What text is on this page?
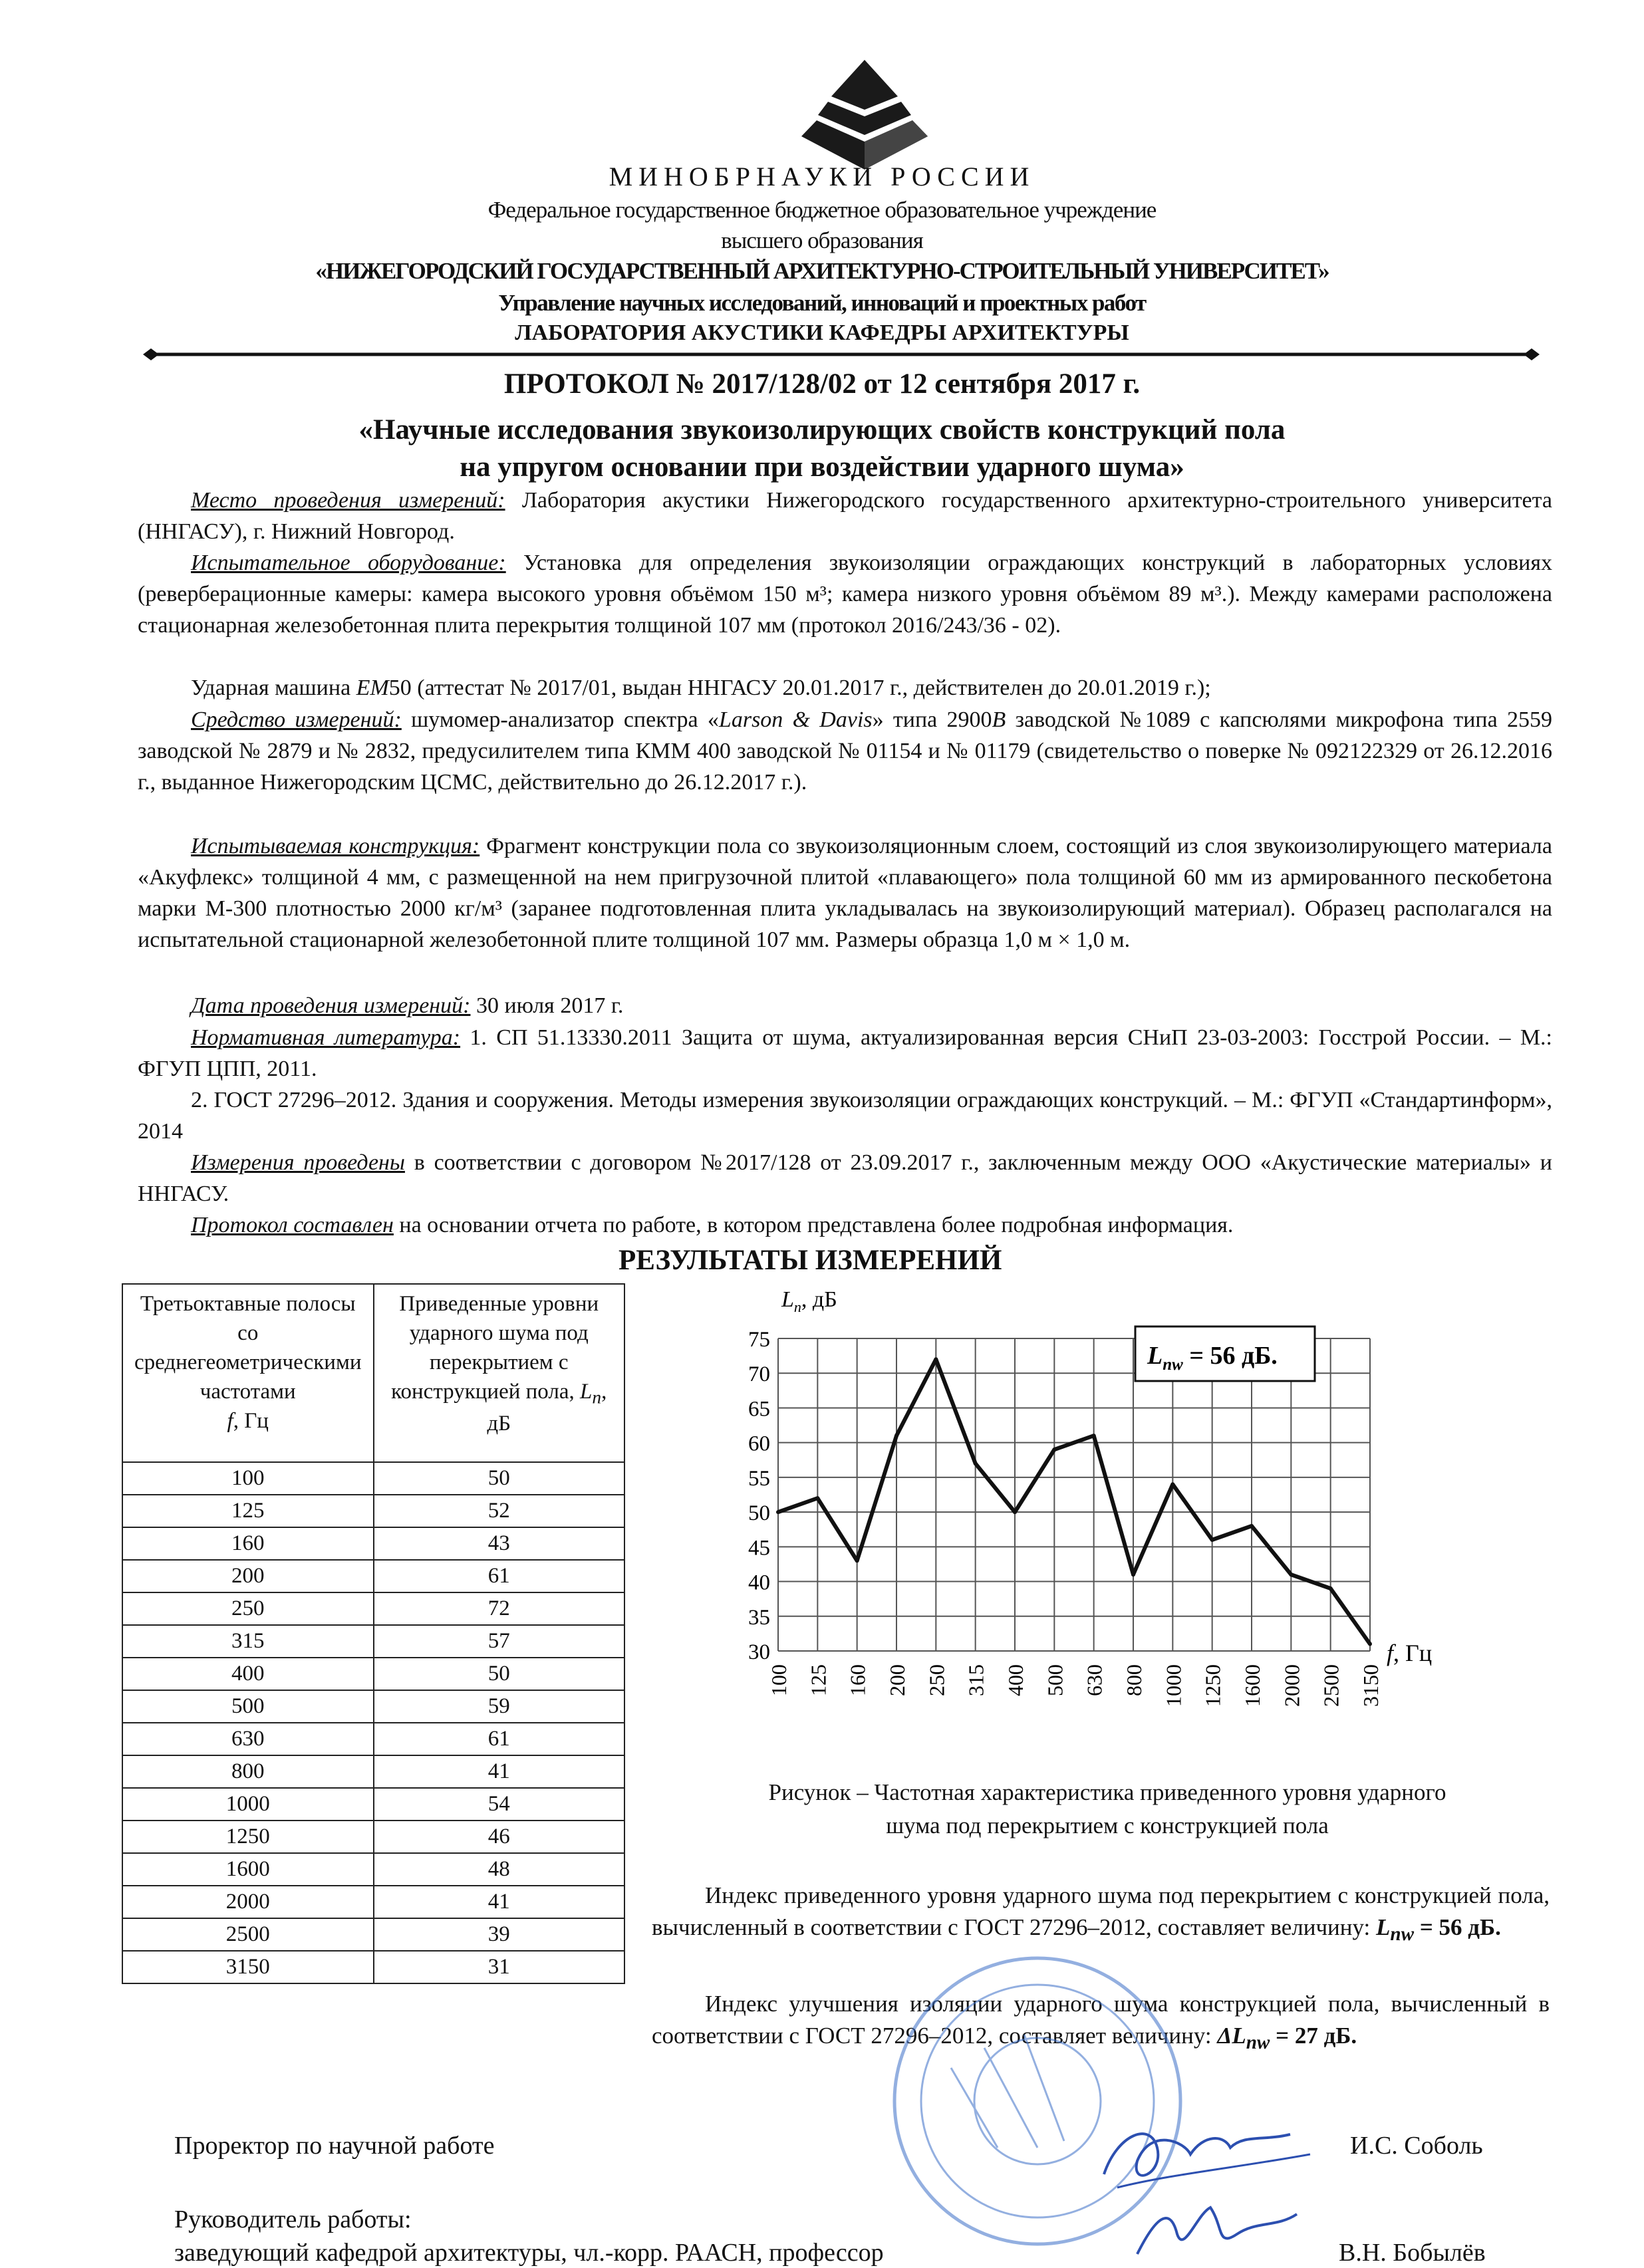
МИНОБРНАУКИ РОССИИ
Федеральное государственное бюджетное образовательное учреждение
высшего образования
«НИЖЕГОРОДСКИЙ ГОСУДАРСТВЕННЫЙ АРХИТЕКТУРНО-СТРОИТЕЛЬНЫЙ УНИВЕРСИТЕТ»
Управление научных исследований, инноваций и проектных работ
ЛАБОРАТОРИЯ АКУСТИКИ КАФЕДРЫ АРХИТЕКТУРЫ
ПРОТОКОЛ № 2017/128/02 от 12 сентября 2017 г.
«Научные исследования звукоизолирующих свойств конструкций пола
на упругом основании при воздействии ударного шума»
Место проведения измерений: Лаборатория акустики Нижегородского государственного архитектурно-строительного университета (ННГАСУ), г. Нижний Новгород.
Испытательное оборудование: Установка для определения звукоизоляции ограждающих конструкций в лабораторных условиях (реверберационные камеры: камера высокого уровня объёмом 150 м³; камера низкого уровня объёмом 89 м³.). Между камерами расположена стационарная железобетонная плита перекрытия толщиной 107 мм (протокол 2016/243/36 - 02).
Ударная машина EM50 (аттестат № 2017/01, выдан ННГАСУ 20.01.2017 г., действителен до 20.01.2019 г.);
Средство измерений: шумомер-анализатор спектра «Larson & Davis» типа 2900B заводской №1089 с капсюлями микрофона типа 2559 заводской № 2879 и № 2832, предусилителем типа КММ 400 заводской № 01154 и № 01179 (свидетельство о поверке № 092122329 от 26.12.2016 г., выданное Нижегородским ЦСМС, действительно до 26.12.2017 г.).
Испытываемая конструкция: Фрагмент конструкции пола со звукоизоляционным слоем, состоящий из слоя звукоизолирующего материала «Акуфлекс» толщиной 4 мм, с размещенной на нем пригрузочной плитой «плавающего» пола толщиной 60 мм из армированного пескобетона марки М-300 плотностью 2000 кг/м³ (заранее подготовленная плита укладывалась на звукоизолирующий материал). Образец располагался на испытательной стационарной железобетонной плите толщиной 107 мм. Размеры образца 1,0 м × 1,0 м.
Дата проведения измерений: 30 июля 2017 г.
Нормативная литература: 1. СП 51.13330.2011 Защита от шума, актуализированная версия СНиП 23-03-2003: Госстрой России. – М.: ФГУП ЦПП, 2011.
2. ГОСТ 27296–2012. Здания и сооружения. Методы измерения звукоизоляции ограждающих конструкций. – М.: ФГУП «Стандартинформ», 2014
Измерения проведены в соответствии с договором №2017/128 от 23.09.2017 г., заключенным между ООО «Акустические материалы» и ННГАСУ.
Протокол составлен на основании отчета по работе, в котором представлена более подробная информация.
РЕЗУЛЬТАТЫ ИЗМЕРЕНИЙ
Третьоктавные полосы со среднегеометрическими частотами
f, Гц	Приведенные уровни ударного шума под перекрытием с конструкцией пола, $L_n$, дБ
100	50
125	52
160	43
200	61
250	72
315	57
400	50
500	59
630	61
800	41
1000	54
1250	46
1600	48
2000	41
2500	39
3150	31
30
35
40
45
50
55
60
65
70
75
100 125 160 200 250 315 400 500 630 800 1000 1250 1600 2000 2500 3150
$L_n$, дБ
f, Гц
$L_{nw} = 56$ дБ.
Рисунок – Частотная характеристика приведенного уровня ударного
шума под перекрытием с конструкцией пола
Индекс приведенного уровня ударного шума под перекрытием с конструкцией пола, вычисленный в соответствии с ГОСТ 27296–2012, составляет величину: $L_{nw} = 56$ дБ.
Индекс улучшения изоляции ударного шума конструкцией пола, вычисленный в соответствии с ГОСТ 27296–2012, составляет величину: $\Delta L_{nw} = 27$ дБ.
Проректор по научной работе	И.С. Соболь
Руководитель работы:
заведующий кафедрой архитектуры, чл.-корр. РААСН, профессор	В.Н. Бобылёв
